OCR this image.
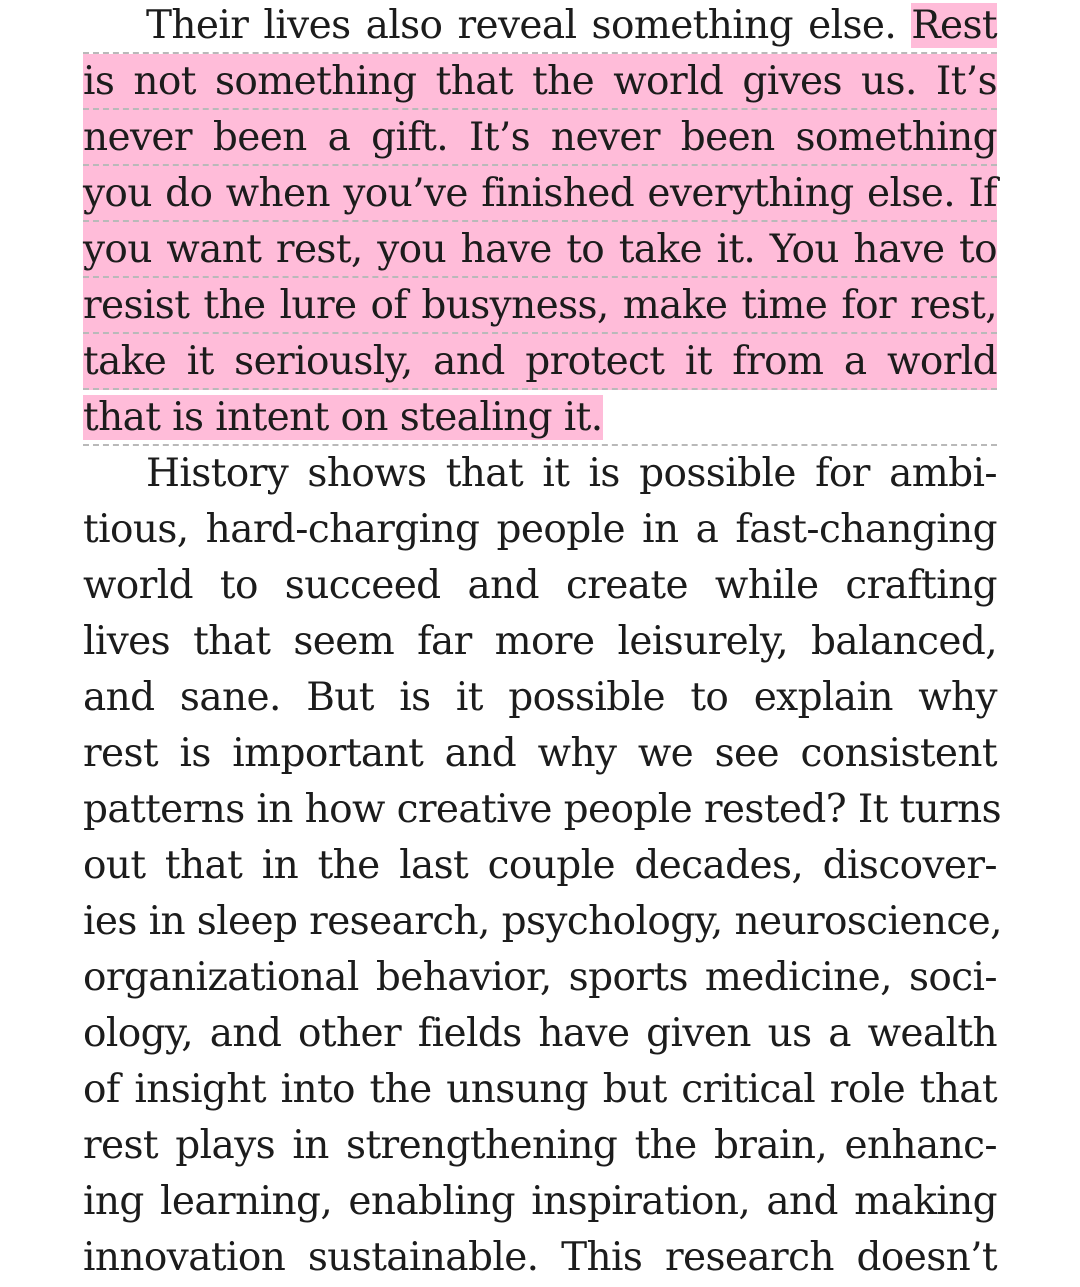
Their lives also reveal something else. Rest
is not something that the world gives us. It’s
never been a gift. It’s never been something
you do when you’ve finished everything else. If
you want rest, you have to take it. You have to
resist the lure of busyness, make time for rest,
take it seriously, and protect it from a world
that is intent on stealing it.
History shows that it is possible for ambi-
tious, hard-charging people in a fast-changing
world to succeed and create while crafting
lives that seem far more leisurely, balanced,
and sane. But is it possible to explain why
rest is important and why we see consistent
patterns in how creative people rested? It turns
out that in the last couple decades, discover-
ies in sleep research, psychology, neuroscience,
organizational behavior, sports medicine, soci-
ology, and other fields have given us a wealth
of insight into the unsung but critical role that
rest plays in strengthening the brain, enhanc-
ing learning, enabling inspiration, and making
innovation sustainable. This research doesn’t
